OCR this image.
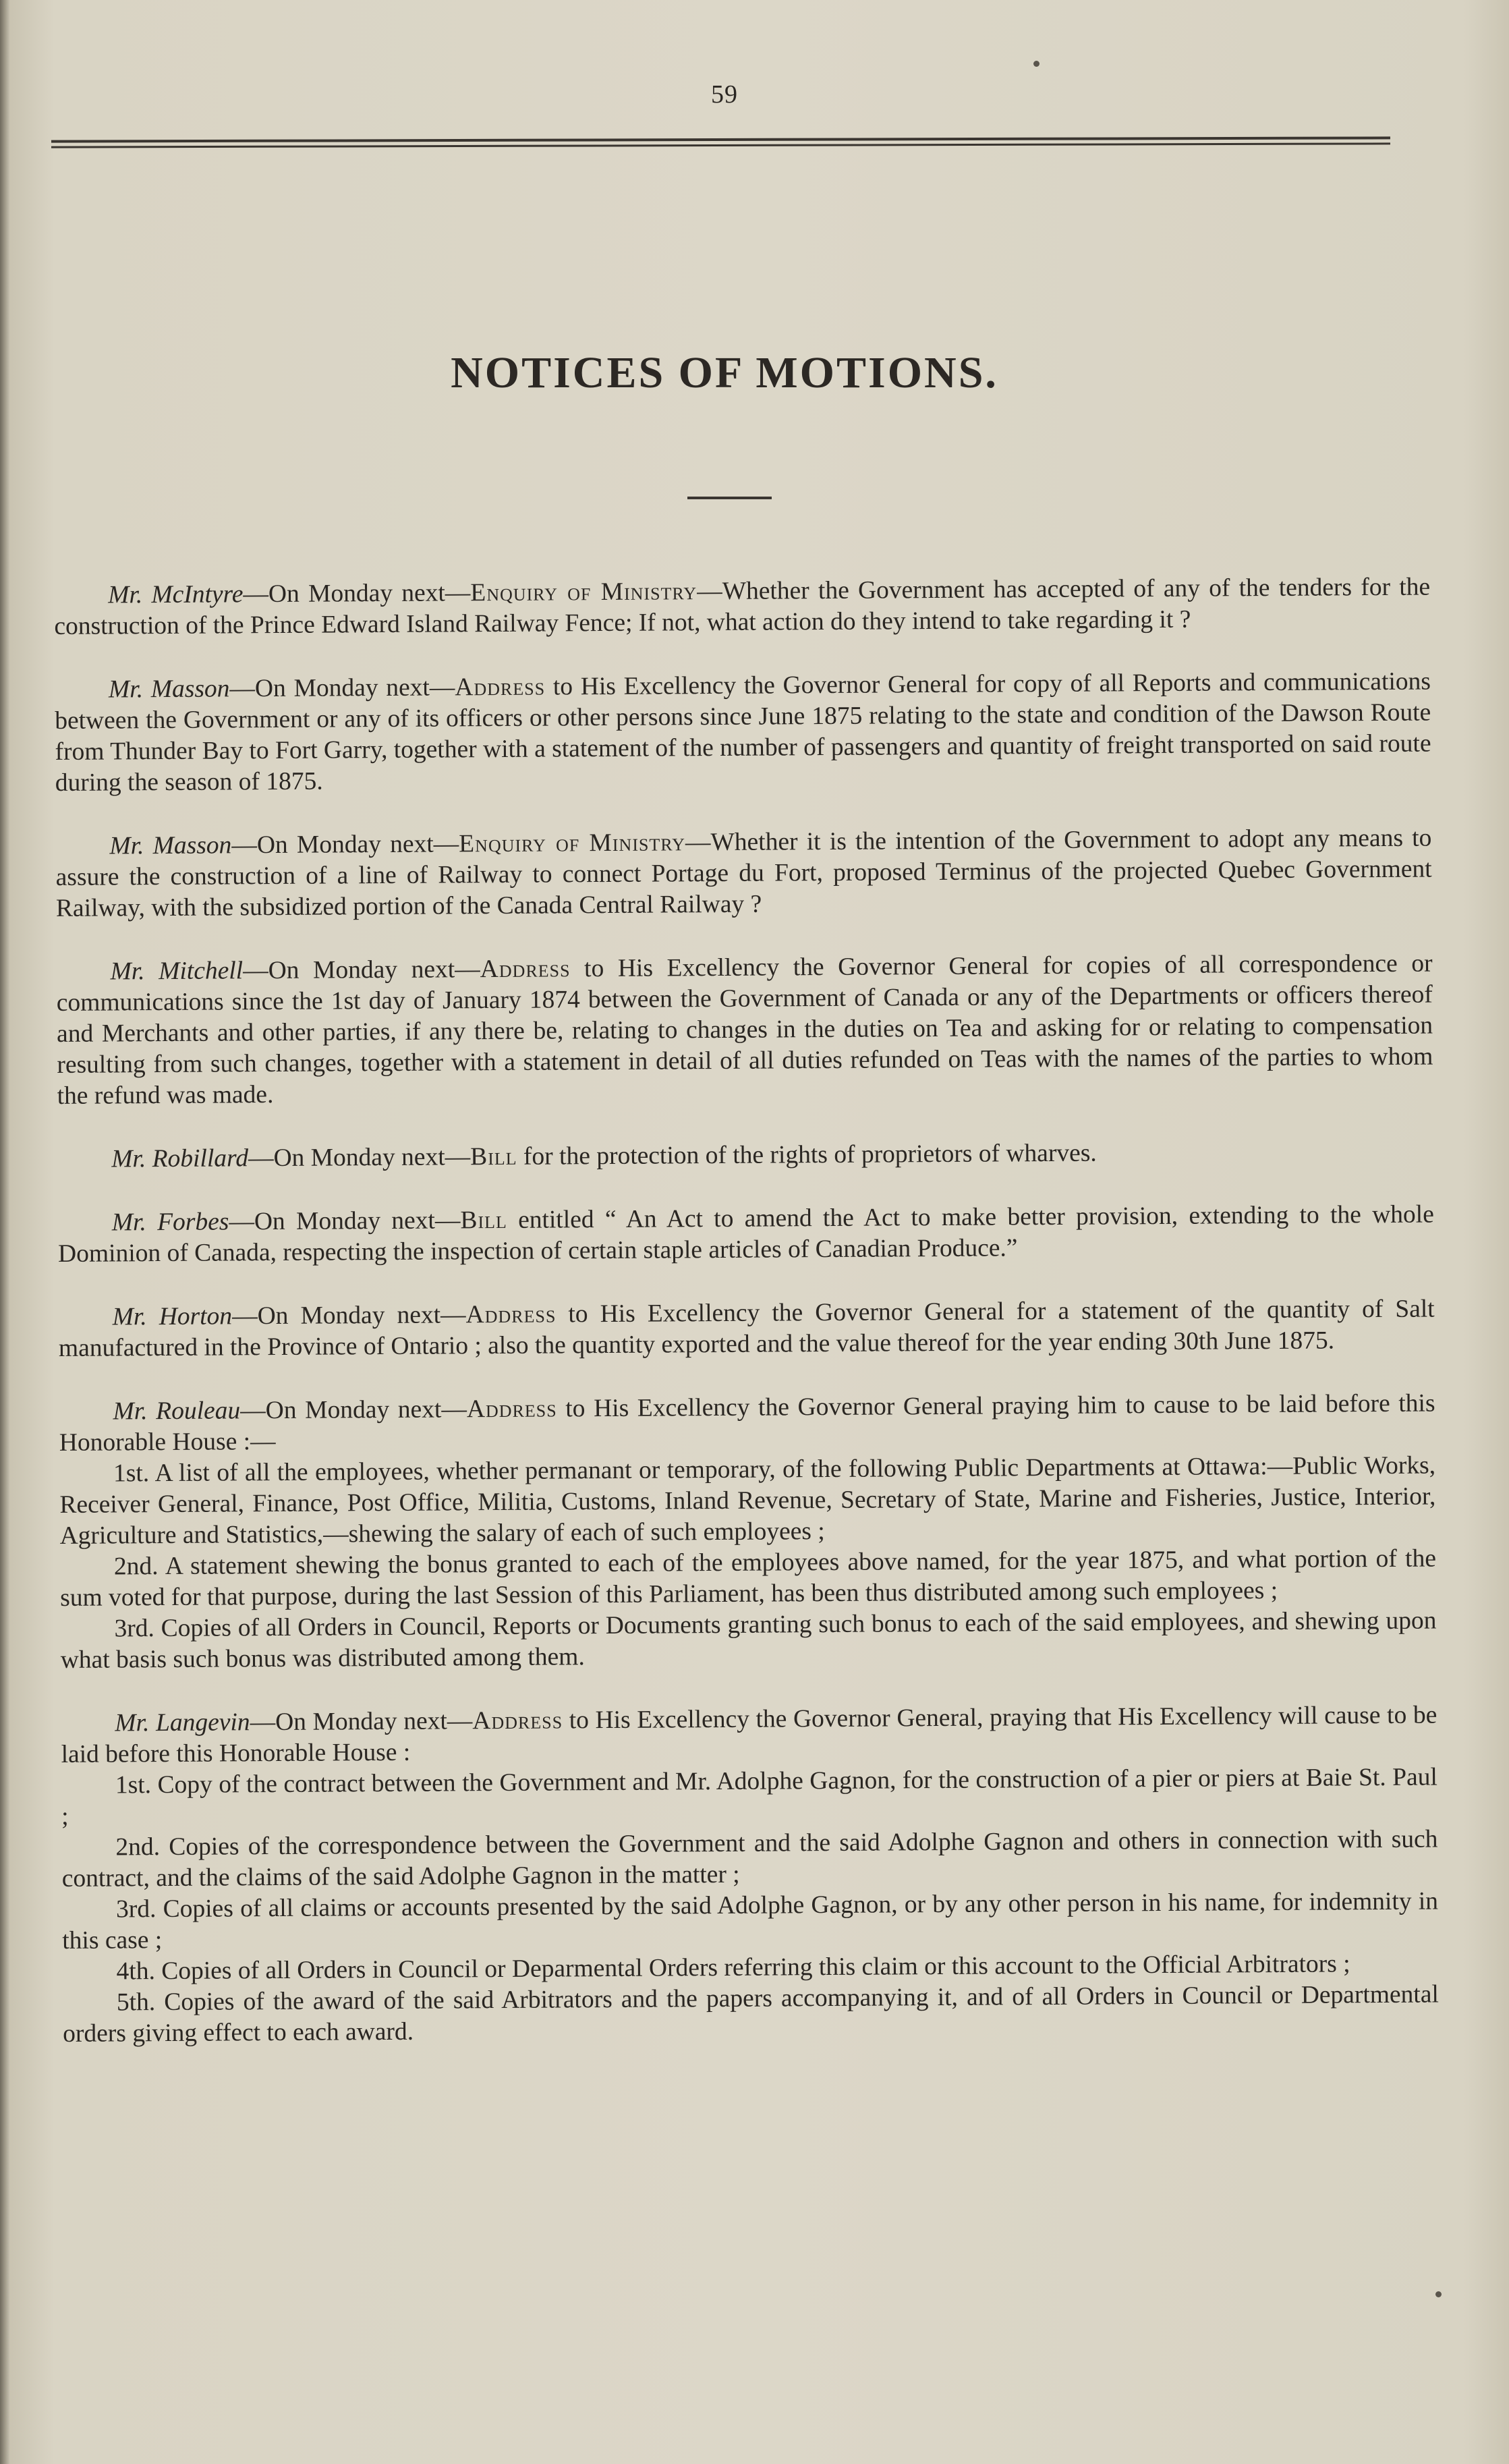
59
NOTICES OF MOTIONS.

Mr. McIntyre—On Monday next—Enquiry of Ministry—Whether the Government has accepted of any of the tenders for the construction of the Prince Edward Island Railway Fence; If not, what action do they intend to take regarding it ?

Mr. Masson—On Monday next—Address to His Excellency the Governor General for copy of all Reports and communications between the Government or any of its officers or other persons since June 1875 relating to the state and condition of the Dawson Route from Thunder Bay to Fort Garry, together with a statement of the number of passengers and quantity of freight transported on said route during the season of 1875.

Mr. Masson—On Monday next—Enquiry of Ministry—Whether it is the intention of the Government to adopt any means to assure the construction of a line of Railway to connect Portage du Fort, proposed Terminus of the projected Quebec Government Railway, with the subsidized portion of the Canada Central Railway ?

Mr. Mitchell—On Monday next—Address to His Excellency the Governor General for copies of all correspondence or communications since the 1st day of January 1874 between the Government of Canada or any of the Departments or officers thereof and Merchants and other parties, if any there be, relating to changes in the duties on Tea and asking for or relating to compensation resulting from such changes, together with a statement in detail of all duties refunded on Teas with the names of the parties to whom the refund was made.

Mr. Robillard—On Monday next—Bill for the protection of the rights of proprietors of wharves.

Mr. Forbes—On Monday next—Bill entitled “ An Act to amend the Act to make better provision, extending to the whole Dominion of Canada, respecting the inspection of certain staple articles of Canadian Produce.”

Mr. Horton—On Monday next—Address to His Excellency the Governor General for a statement of the quantity of Salt manufactured in the Province of Ontario ; also the quantity exported and the value thereof for the year ending 30th June 1875.

Mr. Rouleau—On Monday next—Address to His Excellency the Governor General praying him to cause to be laid before this Honorable House :—

1st. A list of all the employees, whether permanant or temporary, of the following Public Departments at Ottawa:—Public Works, Receiver General, Finance, Post Office, Militia, Customs, Inland Revenue, Secretary of State, Marine and Fisheries, Justice, Interior, Agriculture and Statistics,—shewing the salary of each of such employees ;

2nd. A statement shewing the bonus granted to each of the employees above named, for the year 1875, and what portion of the sum voted for that purpose, during the last Session of this Parliament, has been thus distributed among such employees ;

3rd. Copies of all Orders in Council, Reports or Documents granting such bonus to each of the said employees, and shewing upon what basis such bonus was distributed among them.

Mr. Langevin—On Monday next—Address to His Excellency the Governor General, praying that His Excellency will cause to be laid before this Honorable House :

1st. Copy of the contract between the Government and Mr. Adolphe Gagnon, for the construction of a pier or piers at Baie St. Paul ;

2nd. Copies of the correspondence between the Government and the said Adolphe Gagnon and others in connection with such contract, and the claims of the said Adolphe Gagnon in the matter ;

3rd. Copies of all claims or accounts presented by the said Adolphe Gagnon, or by any other person in his name, for indemnity in this case ;

4th. Copies of all Orders in Council or Deparmental Orders referring this claim or this account to the Official Arbitrators ;

5th. Copies of the award of the said Arbitrators and the papers accompanying it, and of all Orders in Council or Departmental orders giving effect to each award.
